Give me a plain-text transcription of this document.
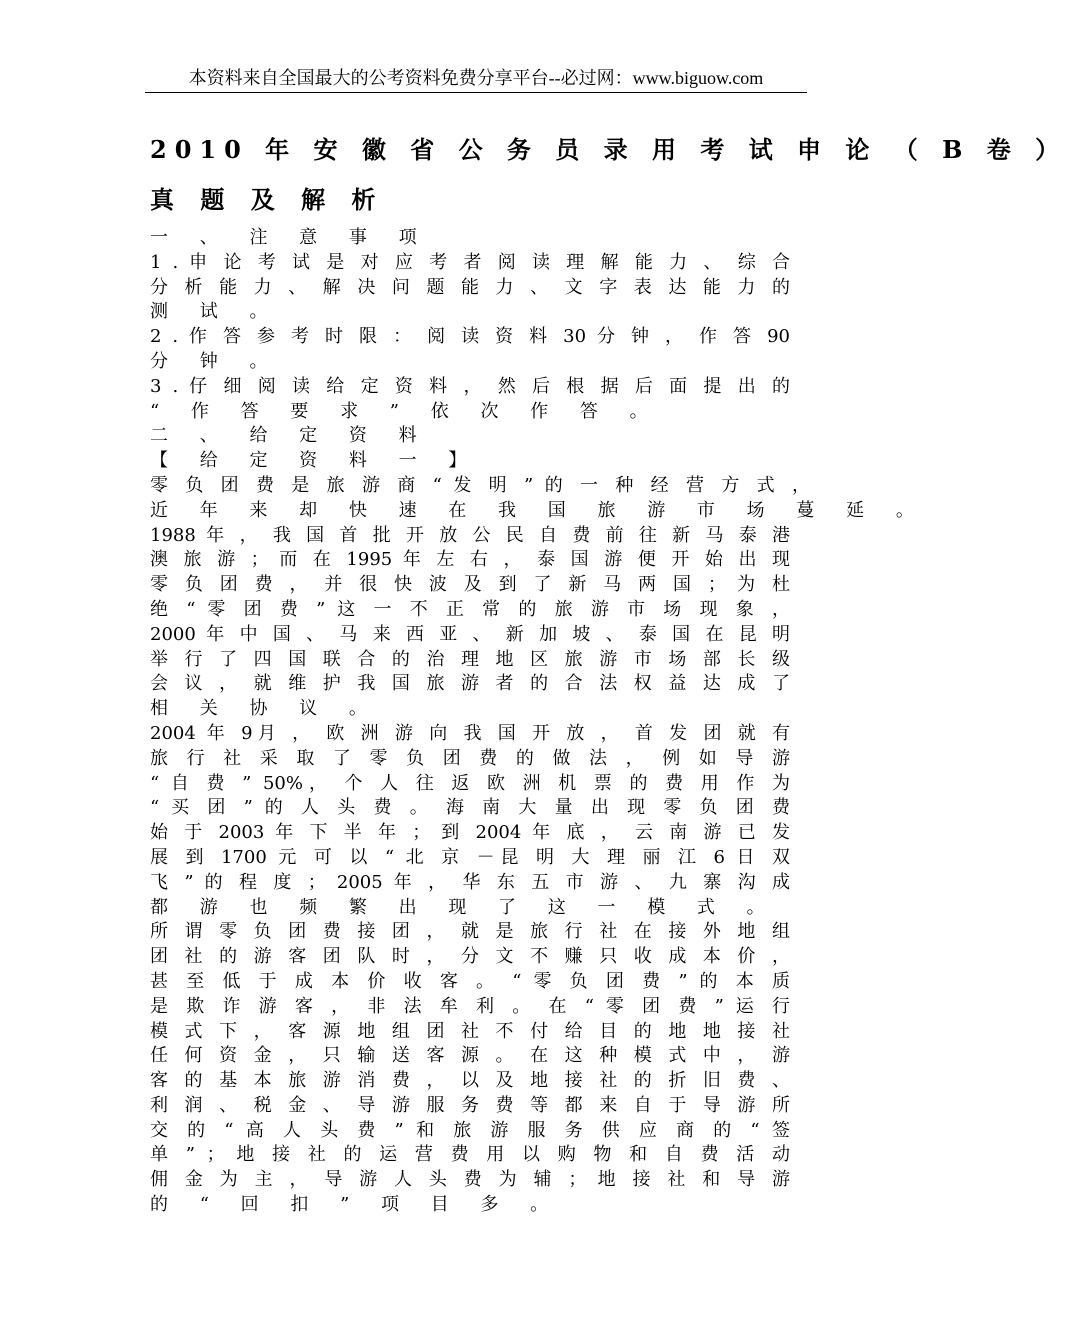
本资料来自全国最大的公考资料免费分享平台--必过网：www.biguow.com
2010 年 安 徽 省 公 务 员 录 用 考 试 申 论 （ B 卷 ）
真 题 及 解 析
一 、 注 意 事 项
1 . 申 论 考 试 是 对 应 考 者 阅 读 理 解 能 力 、 综 合
分 析 能 力 、 解 决 问 题 能 力 、 文 字 表 达 能 力 的
测 试 。
2 . 作 答 参 考 时 限 ： 阅 读 资 料 30 分 钟 ， 作 答 90
分 钟 。
3 . 仔 细 阅 读 给 定 资 料 ， 然 后 根 据 后 面 提 出 的
“ 作 答 要 求 ” 依 次 作 答 。
二 、 给 定 资 料
【 给 定 资 料 一 】
零 负 团 费 是 旅 游 商 “ 发 明 ” 的 一 种 经 营 方 式 ，
近 年 来 却 快 速 在 我 国 旅 游 市 场 蔓 延 。
1988 年 ， 我 国 首 批 开 放 公 民 自 费 前 往 新 马 泰 港
澳 旅 游 ； 而 在 1995 年 左 右 ， 泰 国 游 便 开 始 出 现
零 负 团 费 ， 并 很 快 波 及 到 了 新 马 两 国 ； 为 杜
绝 “ 零 团 费 ” 这 一 不 正 常 的 旅 游 市 场 现 象 ，
2000 年 中 国 、 马 来 西 亚 、 新 加 坡 、 泰 国 在 昆 明
举 行 了 四 国 联 合 的 治 理 地 区 旅 游 市 场 部 长 级
会 议 ， 就 维 护 我 国 旅 游 者 的 合 法 权 益 达 成 了
相 关 协 议 。
2004 年 9月 ， 欧 洲 游 向 我 国 开 放 ， 首 发 团 就 有
旅 行 社 采 取 了 零 负 团 费 的 做 法 ， 例 如 导 游
“ 自 费 ” 50%， 个 人 往 返 欧 洲 机 票 的 费 用 作 为
“ 买 团 ” 的 人 头 费 。 海 南 大 量 出 现 零 负 团 费
始 于 2003 年 下 半 年 ； 到 2004 年 底 ， 云 南 游 已 发
展 到 1700 元 可 以 “ 北 京 －昆 明 大 理 丽 江 6 日 双
飞 ” 的 程 度 ； 2005 年 ， 华 东 五 市 游 、 九 寨 沟 成
都 游 也 频 繁 出 现 了 这 一 模 式 。
所 谓 零 负 团 费 接 团 ， 就 是 旅 行 社 在 接 外 地 组
团 社 的 游 客 团 队 时 ， 分 文 不 赚 只 收 成 本 价 ，
甚 至 低 于 成 本 价 收 客 。 “ 零 负 团 费 ” 的 本 质
是 欺 诈 游 客 ， 非 法 牟 利 。 在 “ 零 团 费 ” 运 行
模 式 下 ， 客 源 地 组 团 社 不 付 给 目 的 地 地 接 社
任 何 资 金 ， 只 输 送 客 源 。 在 这 种 模 式 中 ， 游
客 的 基 本 旅 游 消 费 ， 以 及 地 接 社 的 折 旧 费 、
利 润 、 税 金 、 导 游 服 务 费 等 都 来 自 于 导 游 所
交 的 “ 高 人 头 费 ” 和 旅 游 服 务 供 应 商 的 “ 签
单 ” ； 地 接 社 的 运 营 费 用 以 购 物 和 自 费 活 动
佣 金 为 主 ， 导 游 人 头 费 为 辅 ； 地 接 社 和 导 游
的 “ 回 扣 ” 项 目 多 。
